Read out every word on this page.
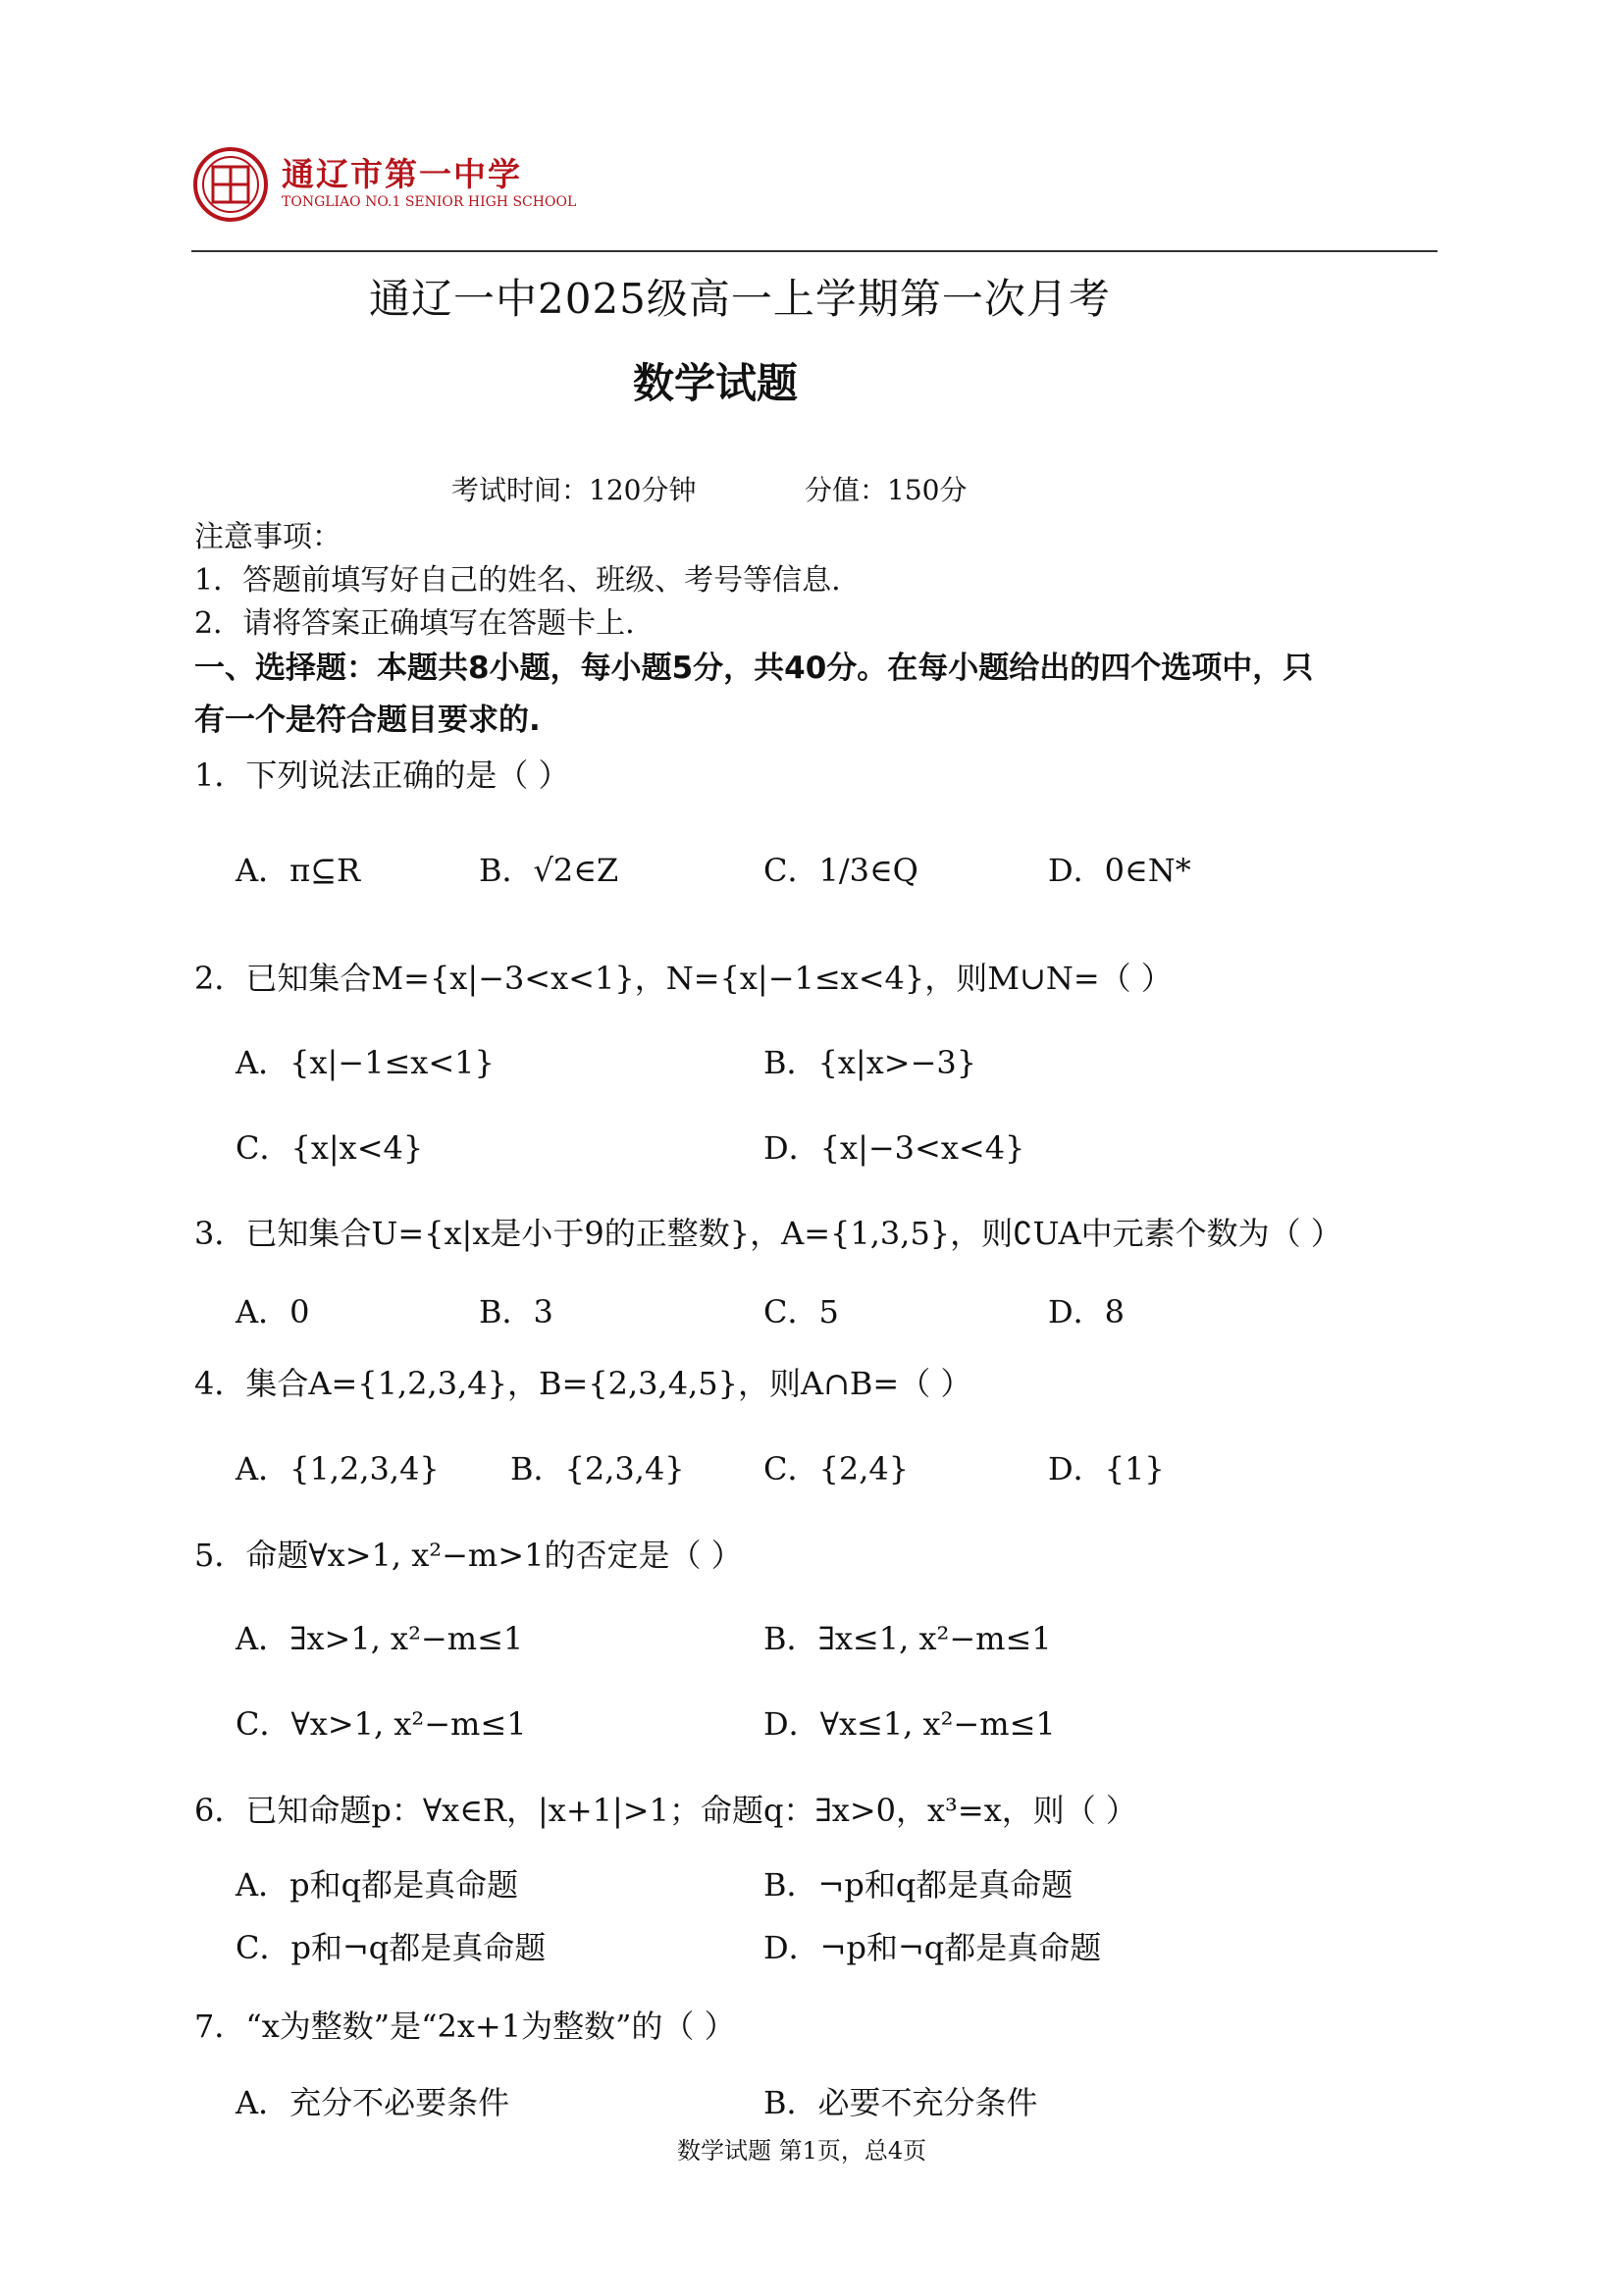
通辽市第一中学
TONGLIAO NO.1 SENIOR HIGH SCHOOL
通辽一中2025级高一上学期第一次月考
数学试题
考试时间：120分钟	分值：150分
注意事项：
1．答题前填写好自己的姓名、班级、考号等信息.
2．请将答案正确填写在答题卡上.
一、选择题：本题共8小题，每小题5分，共40分。在每小题给出的四个选项中，只
有一个是符合题目要求的.
1．下列说法正确的是（ ）
A．π⊆R	B．√2∈Z	C．1/3∈Q	D．0∈N*
2．已知集合M={x|−3<x<1}，N={x|−1≤x<4}，则M∪N=（ ）
A．{x|−1≤x<1}	B．{x|x>−3}
C．{x|x<4}	D．{x|−3<x<4}
3．已知集合U={x|x是小于9的正整数}，A={1,3,5}，则∁UA中元素个数为（ ）
A．0	B．3	C．5	D．8
4．集合A={1,2,3,4}，B={2,3,4,5}，则A∩B=（ ）
A．{1,2,3,4} B．{2,3,4}	C．{2,4}	D．{1}
5．命题∀x>1, x²−m>1的否定是（ ）
A．∃x>1, x²−m≤1	B．∃x≤1, x²−m≤1
C．∀x>1, x²−m≤1	D．∀x≤1, x²−m≤1
6．已知命题p：∀x∈R，|x+1|>1；命题q：∃x>0，x³=x，则（ ）
A．p和q都是真命题	B．¬p和q都是真命题
C．p和¬q都是真命题	D．¬p和¬q都是真命题
7．“x为整数”是“2x+1为整数”的（ ）
A．充分不必要条件	B．必要不充分条件
数学试题 第1页，总4页
